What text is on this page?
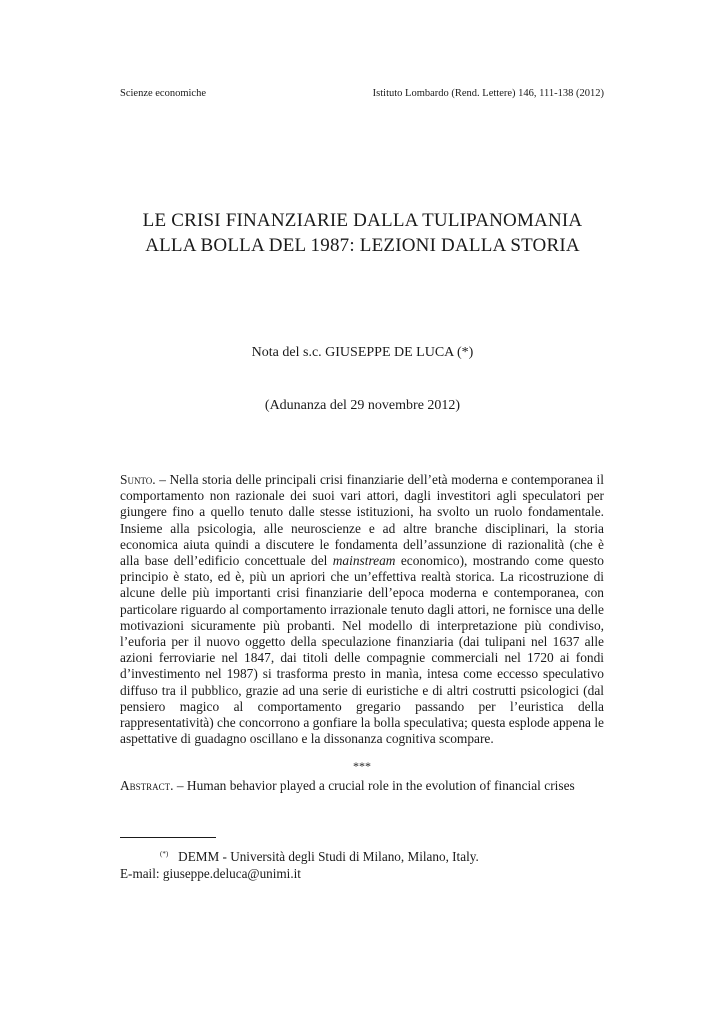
Scienze economiche	Istituto Lombardo (Rend. Lettere) 146, 111-138 (2012)
LE CRISI FINANZIARIE DALLA TULIPANOMANIA
ALLA BOLLA DEL 1987: LEZIONI DALLA STORIA
Nota del s.c. GIUSEPPE DE LUCA (*)
(Adunanza del 29 novembre 2012)
Sunto. – Nella storia delle principali crisi finanziarie dell’età moderna e contemporanea il comportamento non razionale dei suoi vari attori, dagli investitori agli speculatori per giungere fino a quello tenuto dalle stesse istituzioni, ha svolto un ruolo fondamentale. Insieme alla psicologia, alle neuroscienze e ad altre branche disciplinari, la storia economica aiuta quindi a discutere le fondamenta dell’assunzione di razionalità (che è alla base dell’edificio concettuale del mainstream economico), mostrando come questo principio è stato, ed è, più un apriori che un’effettiva realtà storica. La ricostruzione di alcune delle più importanti crisi finanziarie dell’epoca moderna e contemporanea, con particolare riguardo al comportamento irrazionale tenuto dagli attori, ne fornisce una delle motivazioni sicuramente più probanti. Nel modello di interpretazione più condiviso, l’euforia per il nuovo oggetto della speculazione finanziaria (dai tulipani nel 1637 alle azioni ferroviarie nel 1847, dai titoli delle compagnie commerciali nel 1720 ai fondi d’investimento nel 1987) si trasforma presto in manìa, intesa come eccesso speculativo diffuso tra il pubblico, grazie ad una serie di euristiche e di altri costrutti psicologici (dal pensiero magico al comportamento gregario passando per l’euristica della rappresentatività) che concorrono a gonfiare la bolla speculativa; questa esplode appena le aspettative di guadagno oscillano e la dissonanza cognitiva scompare.
***
Abstract. – Human behavior played a crucial role in the evolution of financial crises
(*) DEMM - Università degli Studi di Milano, Milano, Italy.
E-mail: giuseppe.deluca@unimi.it
